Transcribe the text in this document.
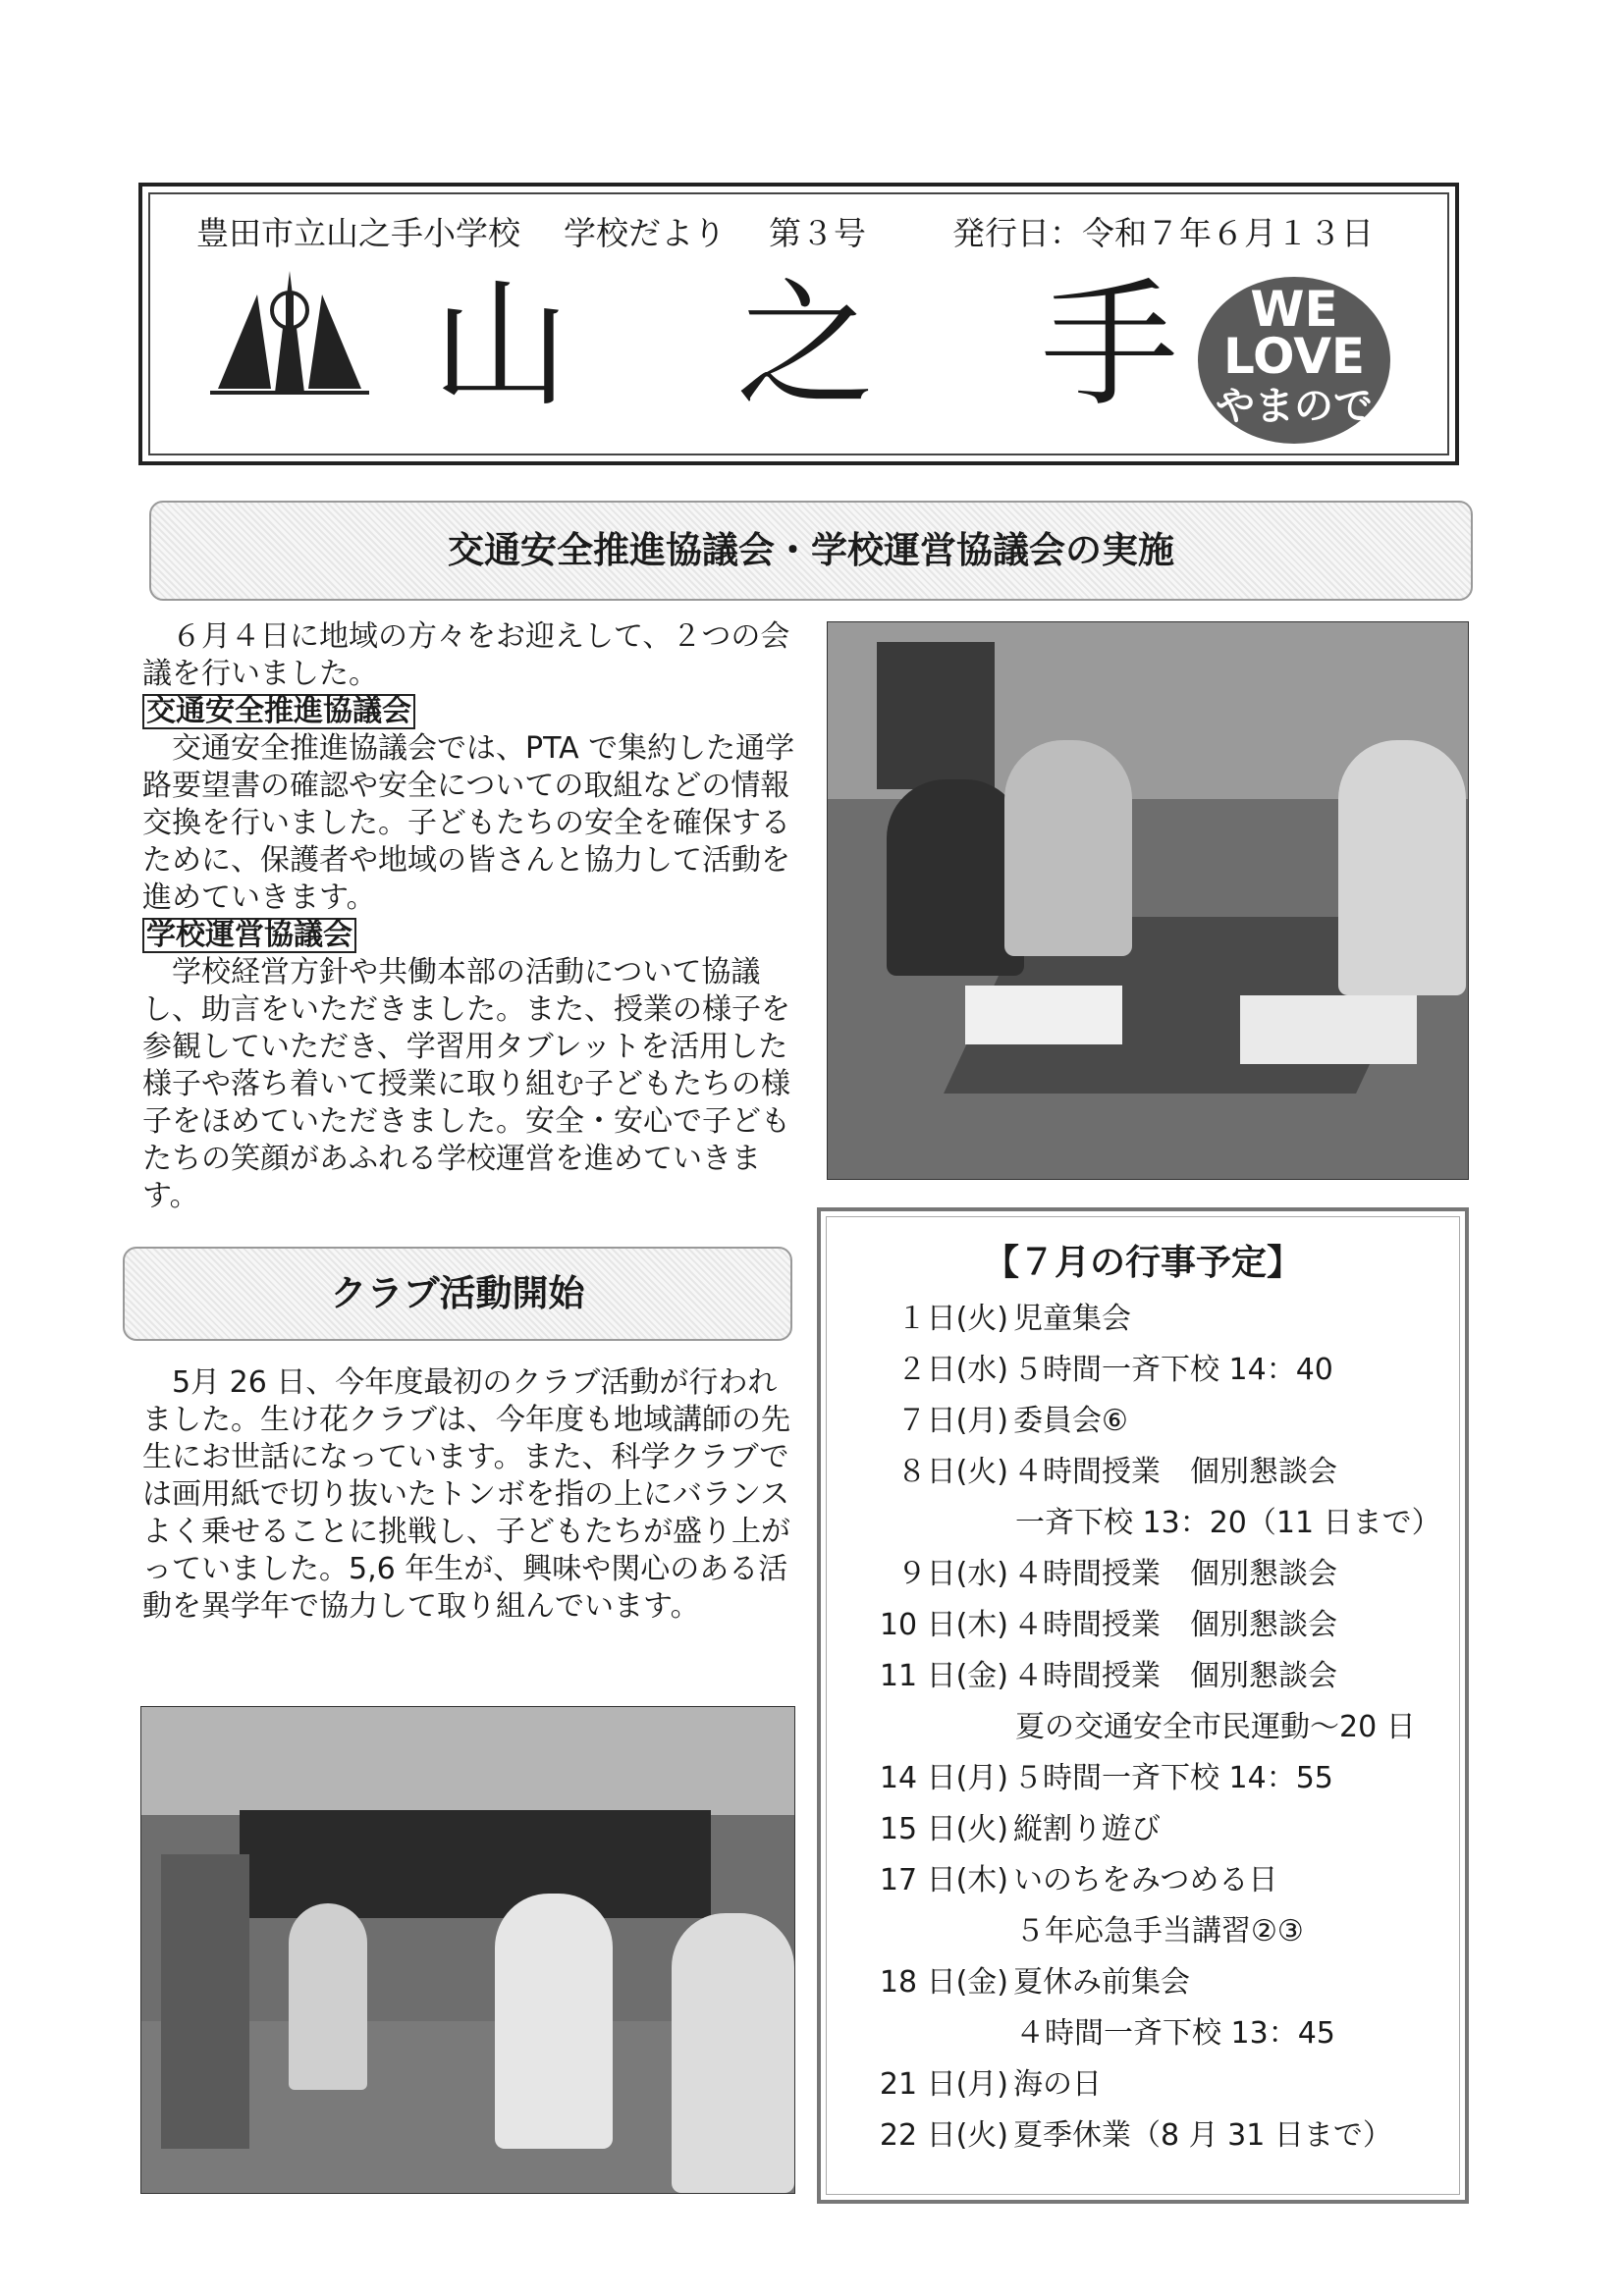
豊田市立山之手小学校 学校だより 第３号	発行日：令和７年６月１３日
山 之 手	WE
LOVE
やまので
交通安全推進協議会・学校運営協議会の実施
６月４日に地域の方々をお迎えして、２つの会議を行いました。
交通安全推進協議会
交通安全推進協議会では、PTA で集約した通学路要望書の確認や安全についての取組などの情報交換を行いました。子どもたちの安全を確保するために、保護者や地域の皆さんと協力して活動を進めていきます。
学校運営協議会
学校経営方針や共働本部の活動について協議し、助言をいただきました。また、授業の様子を参観していただき、学習用タブレットを活用した様子や落ち着いて授業に取り組む子どもたちの様子をほめていただきました。安全・安心で子どもたちの笑顔があふれる学校運営を進めていきます。
クラブ活動開始
5月 26 日、今年度最初のクラブ活動が行われました。生け花クラブは、今年度も地域講師の先生にお世話になっています。また、科学クラブでは画用紙で切り抜いたトンボを指の上にバランスよく乗せることに挑戦し、子どもたちが盛り上がっていました。5,6 年生が、興味や関心のある活動を異学年で協力して取り組んでいます。
【７月の行事予定】
１日(火) 児童集会
２日(水) ５時間一斉下校 14：40
７日(月) 委員会⑥
８日(火) ４時間授業　個別懇談会
一斉下校 13：20（11 日まで）
９日(水) ４時間授業　個別懇談会
10 日(木) ４時間授業　個別懇談会
11 日(金) ４時間授業　個別懇談会
夏の交通安全市民運動～20 日
14 日(月) ５時間一斉下校 14：55
15 日(火) 縦割り遊び
17 日(木) いのちをみつめる日
５年応急手当講習②③
18 日(金) 夏休み前集会
４時間一斉下校 13：45
21 日(月) 海の日
22 日(火) 夏季休業（8 月 31 日まで）
